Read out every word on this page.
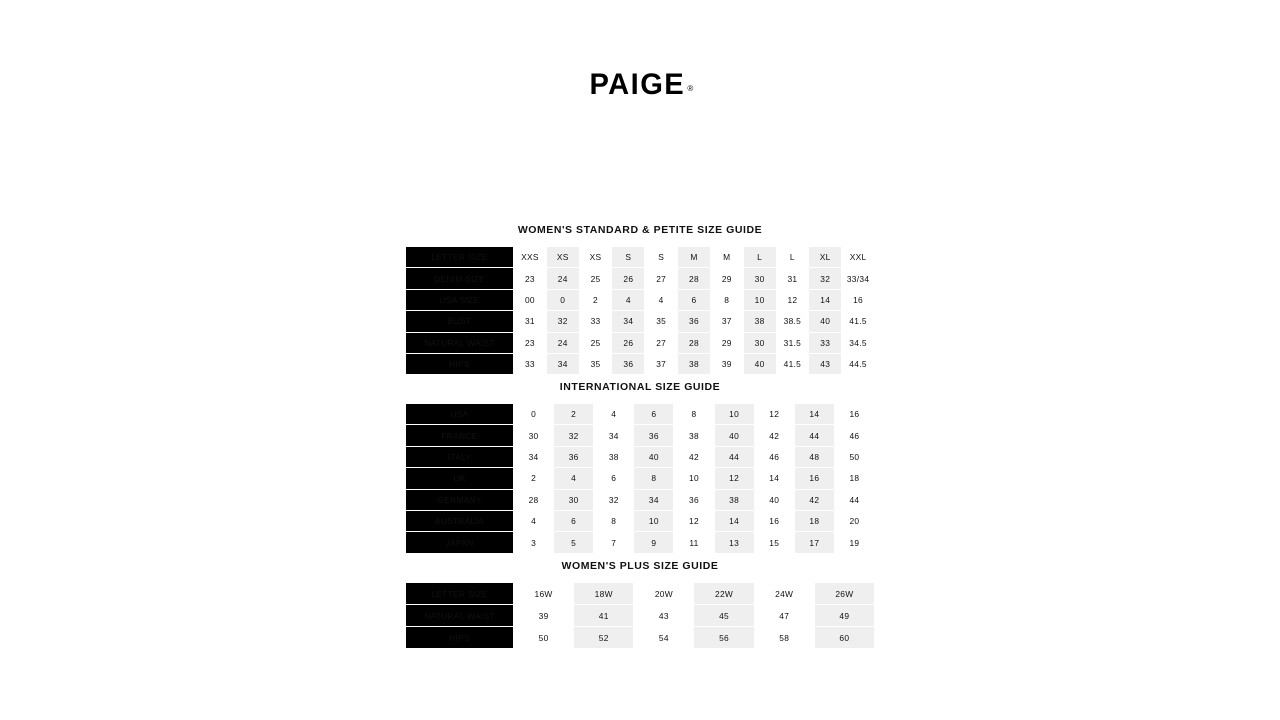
PAIGE ®
WOMEN'S STANDARD & PETITE SIZE GUIDE
LETTER SIZE	XXS	XS	XS	S	S	M	M	L	L	XL	XXL
DENIM SIZE	23	24	25	26	27	28	29	30	31	32	33/34
USA SIZE	00	0	2	4	4	6	8	10	12	14	16
BUST	31	32	33	34	35	36	37	38	38.5	40	41.5
NATURAL WAIST	23	24	25	26	27	28	29	30	31.5	33	34.5
HIPS	33	34	35	36	37	38	39	40	41.5	43	44.5
INTERNATIONAL SIZE GUIDE
USA	0	2	4	6	8	10	12	14	16
FRANCE	30	32	34	36	38	40	42	44	46
ITALY	34	36	38	40	42	44	46	48	50
UK	2	4	6	8	10	12	14	16	18
GERMANY	28	30	32	34	36	38	40	42	44
AUSTRALIA	4	6	8	10	12	14	16	18	20
JAPAN	3	5	7	9	11	13	15	17	19
WOMEN'S PLUS SIZE GUIDE
LETTER SIZE	16W	18W	20W	22W	24W	26W
NATURAL WAIST	39	41	43	45	47	49
HIPS	50	52	54	56	58	60
